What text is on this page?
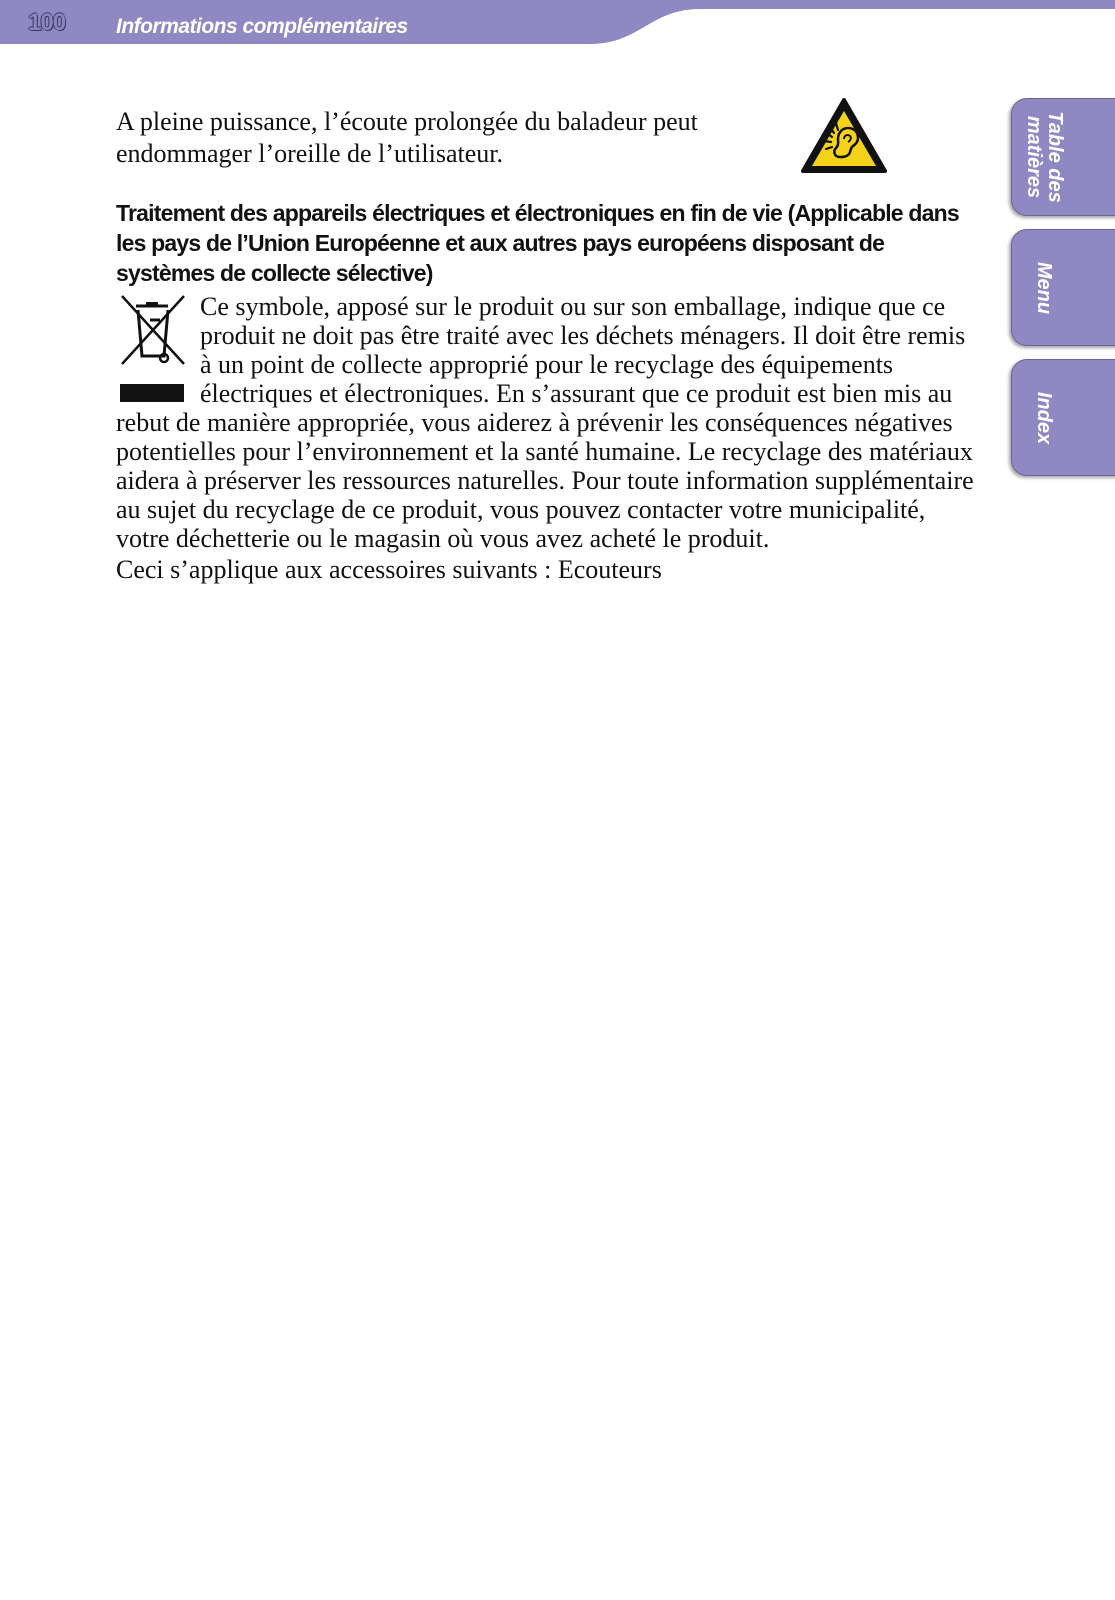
100 Informations complémentaires
Table des matières
Menu
Index

A pleine puissance, l’écoute prolongée du baladeur peut endommager l’oreille de l’utilisateur.

Traitement des appareils électriques et électroniques en fin de vie (Applicable dans les pays de l’Union Européenne et aux autres pays européens disposant de systèmes de collecte sélective)

Ce symbole, apposé sur le produit ou sur son emballage, indique que ce produit ne doit pas être traité avec les déchets ménagers. Il doit être remis à un point de collecte approprié pour le recyclage des équipements électriques et électroniques. En s’assurant que ce produit est bien mis au rebut de manière appropriée, vous aiderez à prévenir les conséquences négatives potentielles pour l’environnement et la santé humaine. Le recyclage des matériaux aidera à préserver les ressources naturelles. Pour toute information supplémentaire au sujet du recyclage de ce produit, vous pouvez contacter votre municipalité, votre déchetterie ou le magasin où vous avez acheté le produit.

Ceci s’applique aux accessoires suivants : Ecouteurs
